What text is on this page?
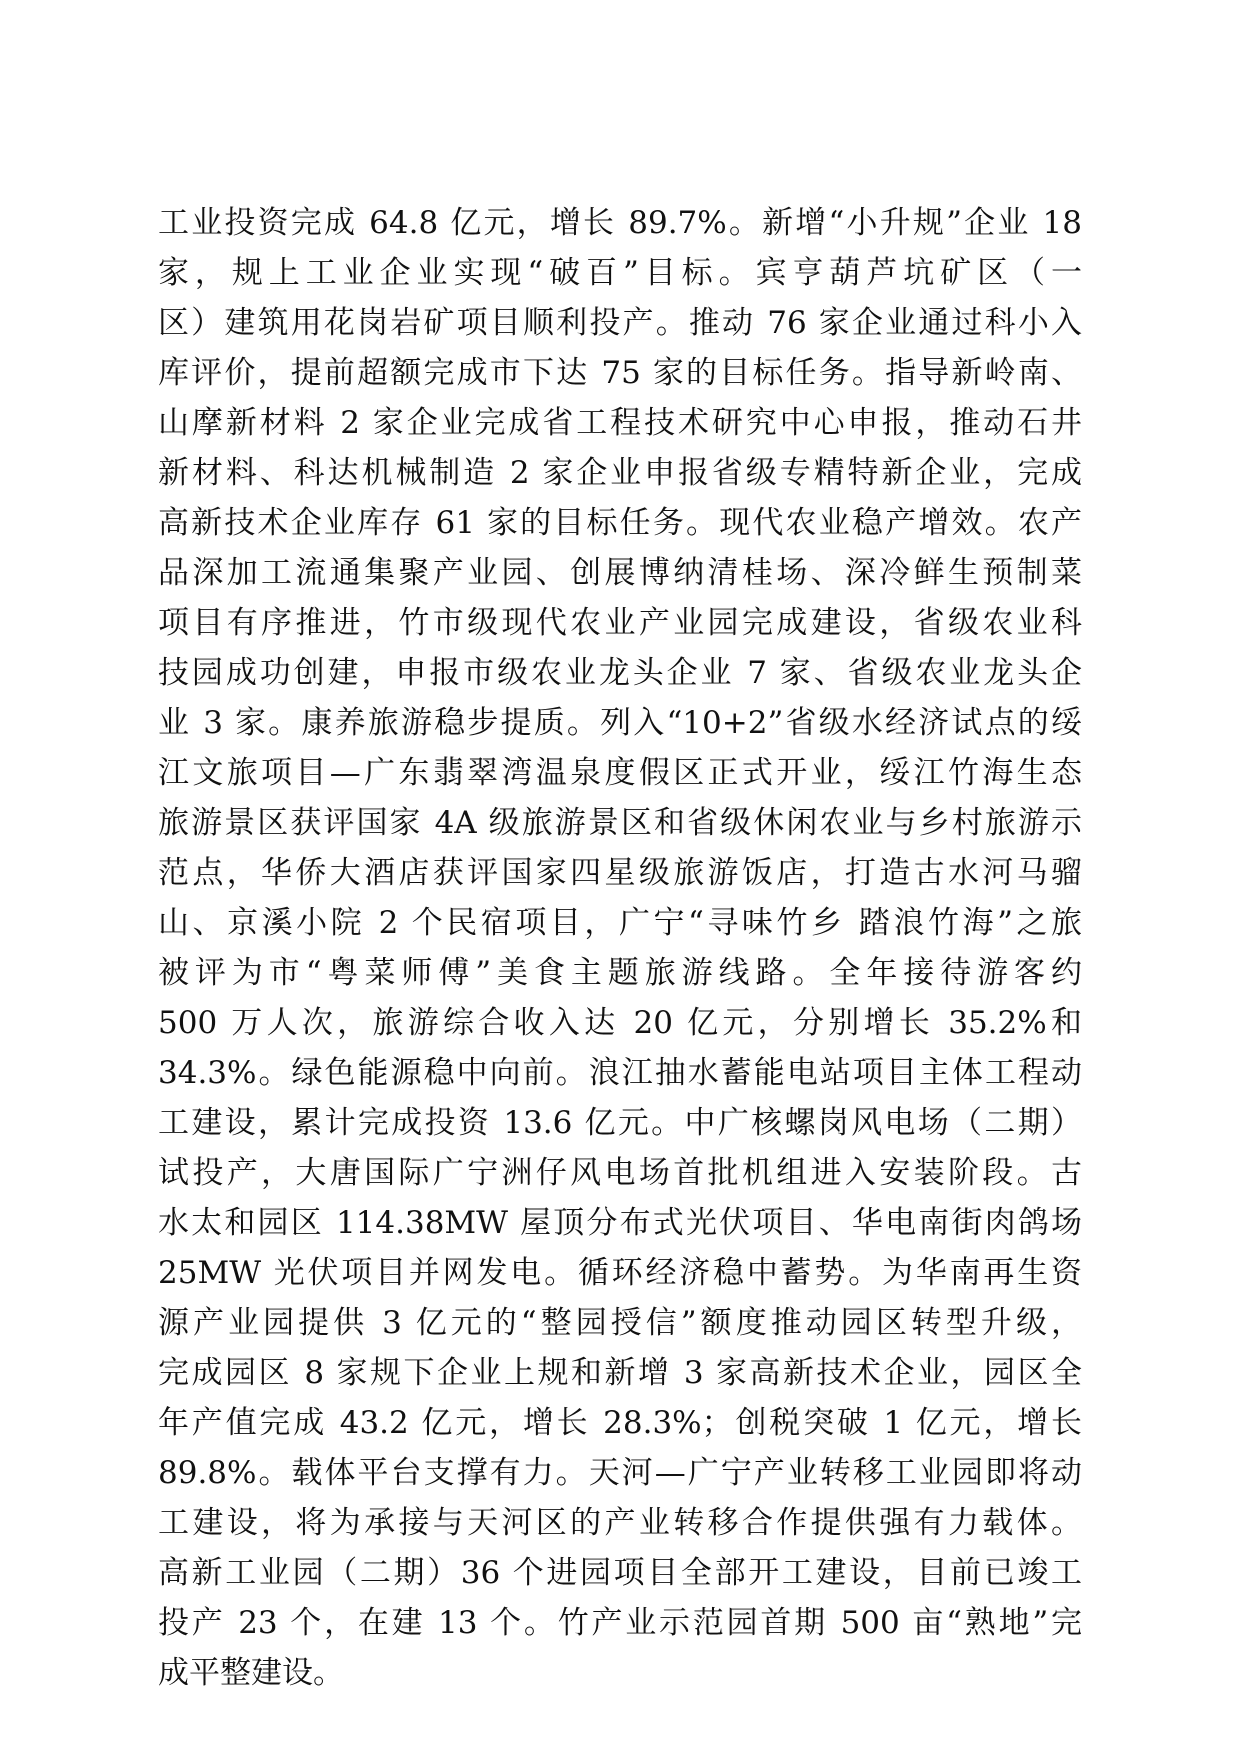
工业投资完成 64.8 亿元，增长 89.7%。新增“小升规”企业 18
家，规上工业企业实现“破百”目标。宾亨葫芦坑矿区（一
区）建筑用花岗岩矿项目顺利投产。推动 76 家企业通过科小入
库评价，提前超额完成市下达 75 家的目标任务。指导新岭南、
山摩新材料 2 家企业完成省工程技术研究中心申报，推动石井
新材料、科达机械制造 2 家企业申报省级专精特新企业，完成
高新技术企业库存 61 家的目标任务。现代农业稳产增效。农产
品深加工流通集聚产业园、创展博纳清桂场、深冷鲜生预制菜
项目有序推进，竹市级现代农业产业园完成建设，省级农业科
技园成功创建，申报市级农业龙头企业 7 家、省级农业龙头企
业 3 家。康养旅游稳步提质。列入“10+2”省级水经济试点的绥
江文旅项目—广东翡翠湾温泉度假区正式开业，绥江竹海生态
旅游景区获评国家 4A 级旅游景区和省级休闲农业与乡村旅游示
范点，华侨大酒店获评国家四星级旅游饭店，打造古水河马骝
山、京溪小院 2 个民宿项目，广宁“寻味竹乡 踏浪竹海”之旅
被评为市“粤菜师傅”美食主题旅游线路。全年接待游客约
500 万人次，旅游综合收入达 20 亿元，分别增长 35.2%和
34.3%。绿色能源稳中向前。浪江抽水蓄能电站项目主体工程动
工建设，累计完成投资 13.6 亿元。中广核螺岗风电场（二期）
试投产，大唐国际广宁洲仔风电场首批机组进入安装阶段。古
水太和园区 114.38MW 屋顶分布式光伏项目、华电南街肉鸽场
25MW 光伏项目并网发电。循环经济稳中蓄势。为华南再生资
源产业园提供 3 亿元的“整园授信”额度推动园区转型升级，
完成园区 8 家规下企业上规和新增 3 家高新技术企业，园区全
年产值完成 43.2 亿元，增长 28.3%；创税突破 1 亿元，增长
89.8%。载体平台支撑有力。天河—广宁产业转移工业园即将动
工建设，将为承接与天河区的产业转移合作提供强有力载体。
高新工业园（二期）36 个进园项目全部开工建设，目前已竣工
投产 23 个，在建 13 个。竹产业示范园首期 500 亩“熟地”完
成平整建设。
